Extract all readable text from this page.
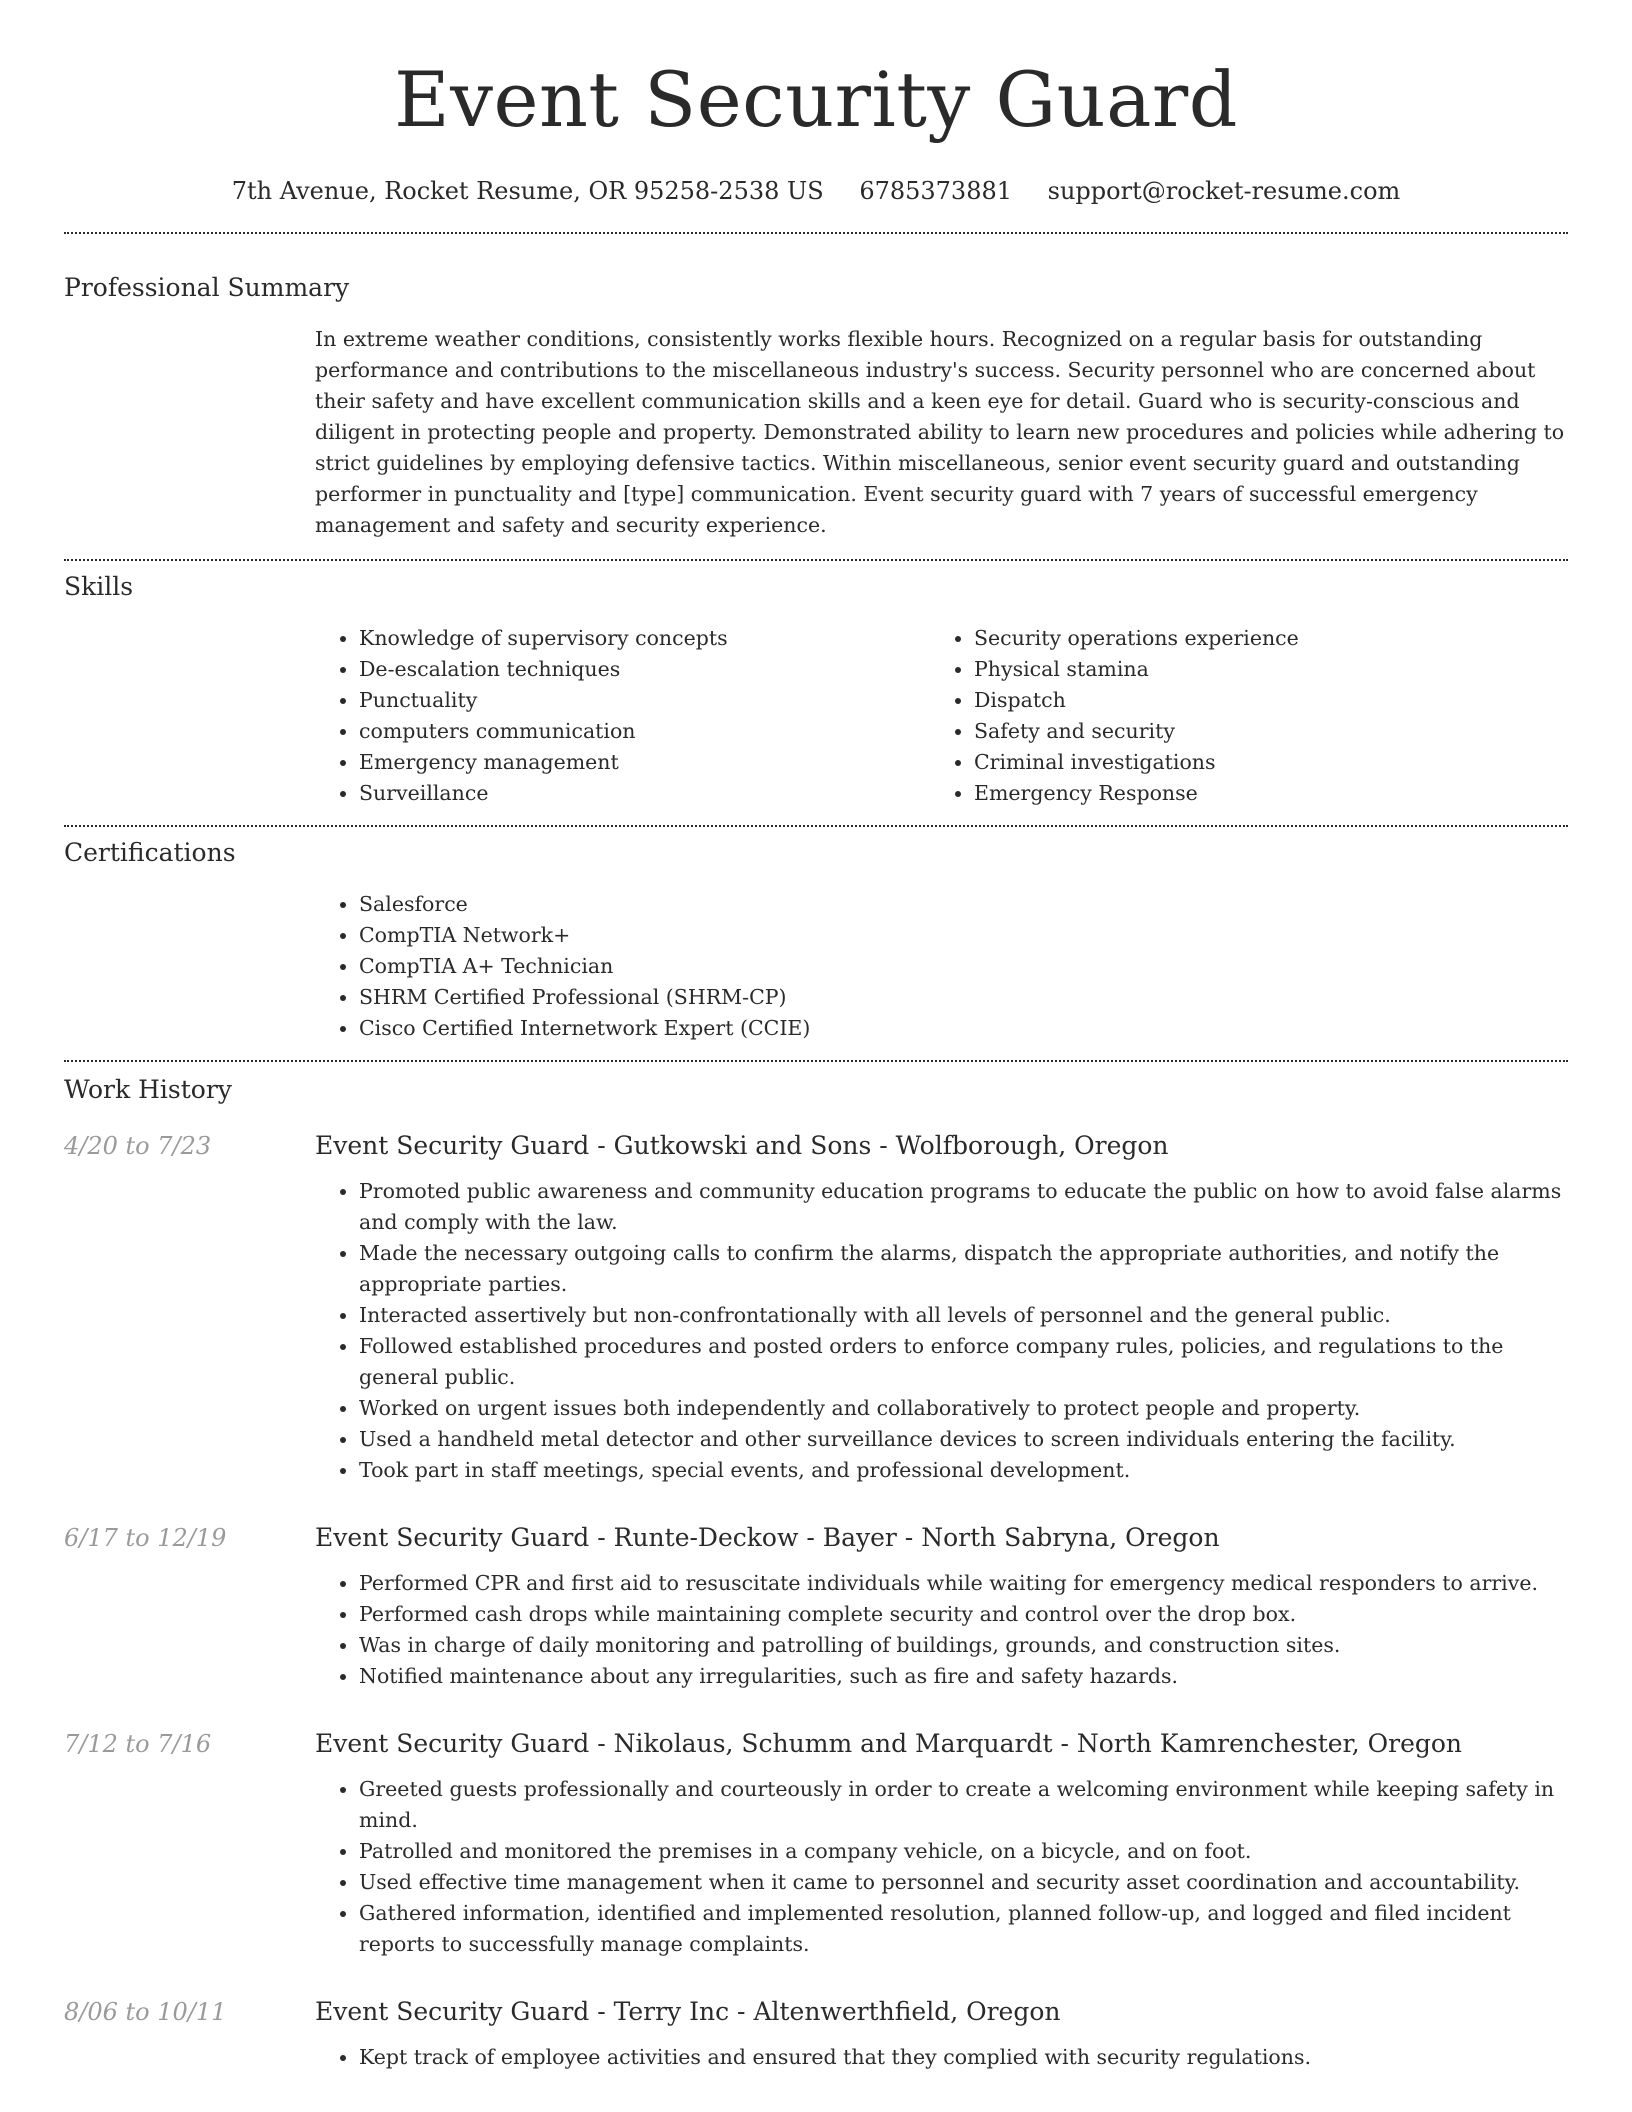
Event Security Guard
7th Avenue, Rocket Resume, OR 95258-2538 US 6785373881 support@rocket-resume.com
Professional Summary
In extreme weather conditions, consistently works flexible hours. Recognized on a regular basis for outstanding performance and contributions to the miscellaneous industry's success. Security personnel who are concerned about their safety and have excellent communication skills and a keen eye for detail. Guard who is security-conscious and diligent in protecting people and property. Demonstrated ability to learn new procedures and policies while adhering to strict guidelines by employing defensive tactics. Within miscellaneous, senior event security guard and outstanding performer in punctuality and [type] communication. Event security guard with 7 years of successful emergency management and safety and security experience.
Skills
• Knowledge of supervisory concepts
• De-escalation techniques
• Punctuality
• computers communication
• Emergency management
• Surveillance
• Security operations experience
• Physical stamina
• Dispatch
• Safety and security
• Criminal investigations
• Emergency Response
Certifications
• Salesforce
• CompTIA Network+
• CompTIA A+ Technician
• SHRM Certified Professional (SHRM-CP)
• Cisco Certified Internetwork Expert (CCIE)
Work History
4/20 to 7/23	Event Security Guard - Gutkowski and Sons - Wolfborough, Oregon
• Promoted public awareness and community education programs to educate the public on how to avoid false alarms and comply with the law.
• Made the necessary outgoing calls to confirm the alarms, dispatch the appropriate authorities, and notify the appropriate parties.
• Interacted assertively but non-confrontationally with all levels of personnel and the general public.
• Followed established procedures and posted orders to enforce company rules, policies, and regulations to the general public.
• Worked on urgent issues both independently and collaboratively to protect people and property.
• Used a handheld metal detector and other surveillance devices to screen individuals entering the facility.
• Took part in staff meetings, special events, and professional development.
6/17 to 12/19	Event Security Guard - Runte-Deckow - Bayer - North Sabryna, Oregon
• Performed CPR and first aid to resuscitate individuals while waiting for emergency medical responders to arrive.
• Performed cash drops while maintaining complete security and control over the drop box.
• Was in charge of daily monitoring and patrolling of buildings, grounds, and construction sites.
• Notified maintenance about any irregularities, such as fire and safety hazards.
7/12 to 7/16	Event Security Guard - Nikolaus, Schumm and Marquardt - North Kamrenchester, Oregon
• Greeted guests professionally and courteously in order to create a welcoming environment while keeping safety in mind.
• Patrolled and monitored the premises in a company vehicle, on a bicycle, and on foot.
• Used effective time management when it came to personnel and security asset coordination and accountability.
• Gathered information, identified and implemented resolution, planned follow-up, and logged and filed incident reports to successfully manage complaints.
8/06 to 10/11	Event Security Guard - Terry Inc - Altenwerthfield, Oregon
• Kept track of employee activities and ensured that they complied with security regulations.
